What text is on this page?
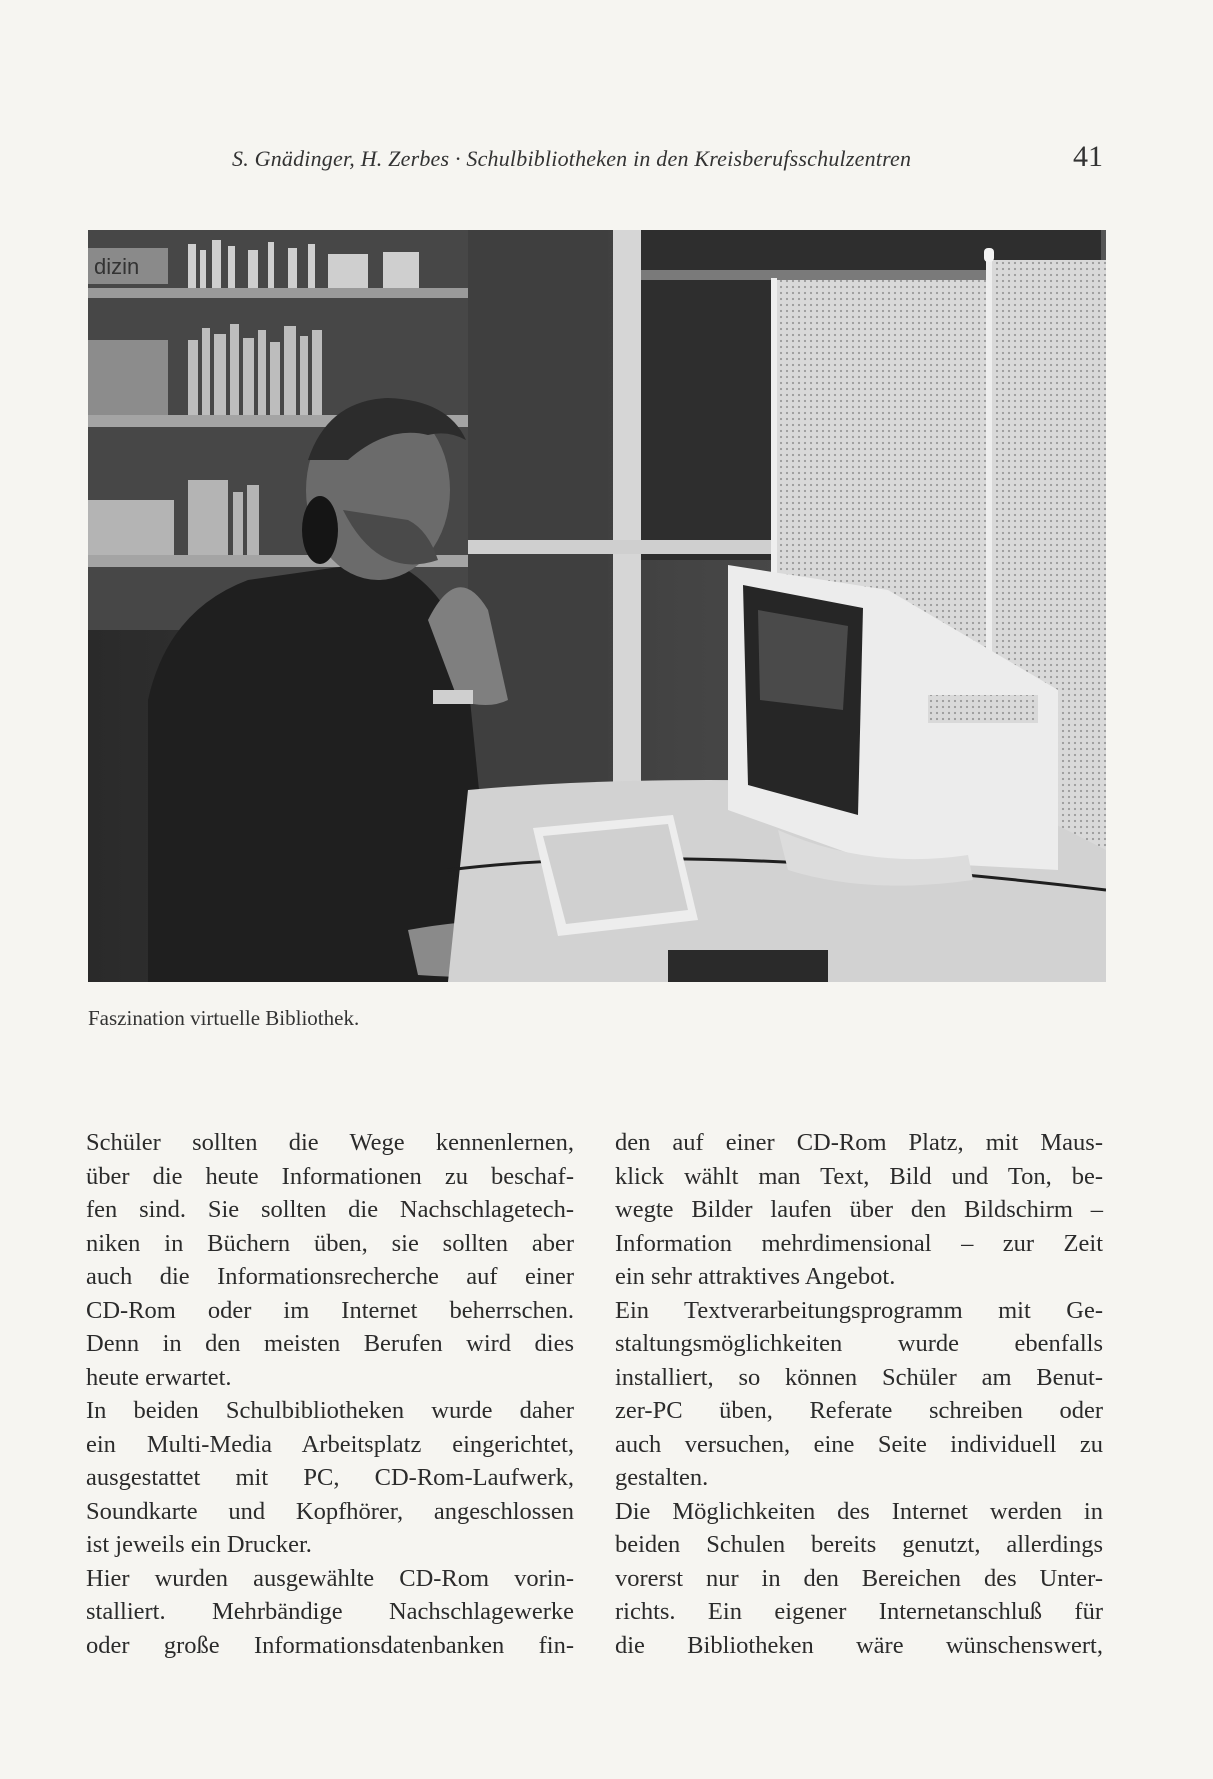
S. Gnädinger, H. Zerbes · Schulbibliotheken in den Kreisberufsschulzentren	41
dizin
Faszination virtuelle Bibliothek.
Schüler sollten die Wege kennenlernen,
über die heute Informationen zu beschaf-
fen sind. Sie sollten die Nachschlagetech-
niken in Büchern üben, sie sollten aber
auch die Informationsrecherche auf einer
CD-Rom oder im Internet beherrschen.
Denn in den meisten Berufen wird dies
heute erwartet.
In beiden Schulbibliotheken wurde daher
ein Multi-Media Arbeitsplatz eingerichtet,
ausgestattet mit PC, CD-Rom-Laufwerk,
Soundkarte und Kopfhörer, angeschlossen
ist jeweils ein Drucker.
Hier wurden ausgewählte CD-Rom vorin-
stalliert. Mehrbändige Nachschlagewerke
oder große Informationsdatenbanken fin-
den auf einer CD-Rom Platz, mit Maus-
klick wählt man Text, Bild und Ton, be-
wegte Bilder laufen über den Bildschirm –
Information mehrdimensional – zur Zeit
ein sehr attraktives Angebot.
Ein Textverarbeitungsprogramm mit Ge-
staltungsmöglichkeiten wurde ebenfalls
installiert, so können Schüler am Benut-
zer-PC üben, Referate schreiben oder
auch versuchen, eine Seite individuell zu
gestalten.
Die Möglichkeiten des Internet werden in
beiden Schulen bereits genutzt, allerdings
vorerst nur in den Bereichen des Unter-
richts. Ein eigener Internetanschluß für
die Bibliotheken wäre wünschenswert,
